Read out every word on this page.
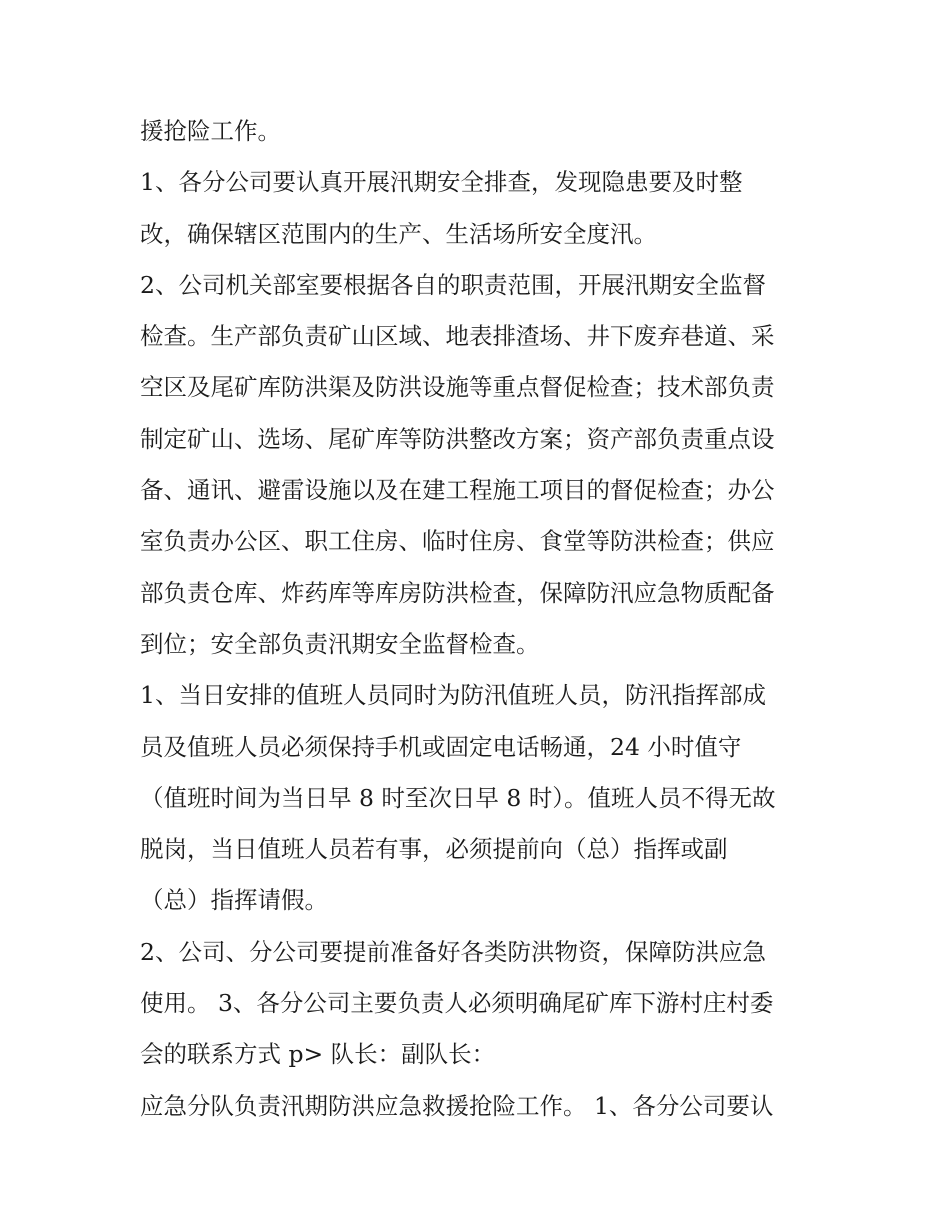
援抢险工作。
1、各分公司要认真开展汛期安全排查，发现隐患要及时整
改，确保辖区范围内的生产、生活场所安全度汛。
2、公司机关部室要根据各自的职责范围，开展汛期安全监督
检查。生产部负责矿山区域、地表排渣场、井下废弃巷道、采
空区及尾矿库防洪渠及防洪设施等重点督促检查；技术部负责
制定矿山、选场、尾矿库等防洪整改方案；资产部负责重点设
备、通讯、避雷设施以及在建工程施工项目的督促检查；办公
室负责办公区、职工住房、临时住房、食堂等防洪检查；供应
部负责仓库、炸药库等库房防洪检查，保障防汛应急物质配备
到位；安全部负责汛期安全监督检查。
1、当日安排的值班人员同时为防汛值班人员，防汛指挥部成
员及值班人员必须保持手机或固定电话畅通，24 小时值守
（值班时间为当日早 8 时至次日早 8 时）。值班人员不得无故
脱岗，当日值班人员若有事，必须提前向（总）指挥或副
（总）指挥请假。
2、公司、分公司要提前准备好各类防洪物资，保障防洪应急
使用。 3、各分公司主要负责人必须明确尾矿库下游村庄村委
会的联系方式 p> 队长：副队长：
应急分队负责汛期防洪应急救援抢险工作。 1、各分公司要认
